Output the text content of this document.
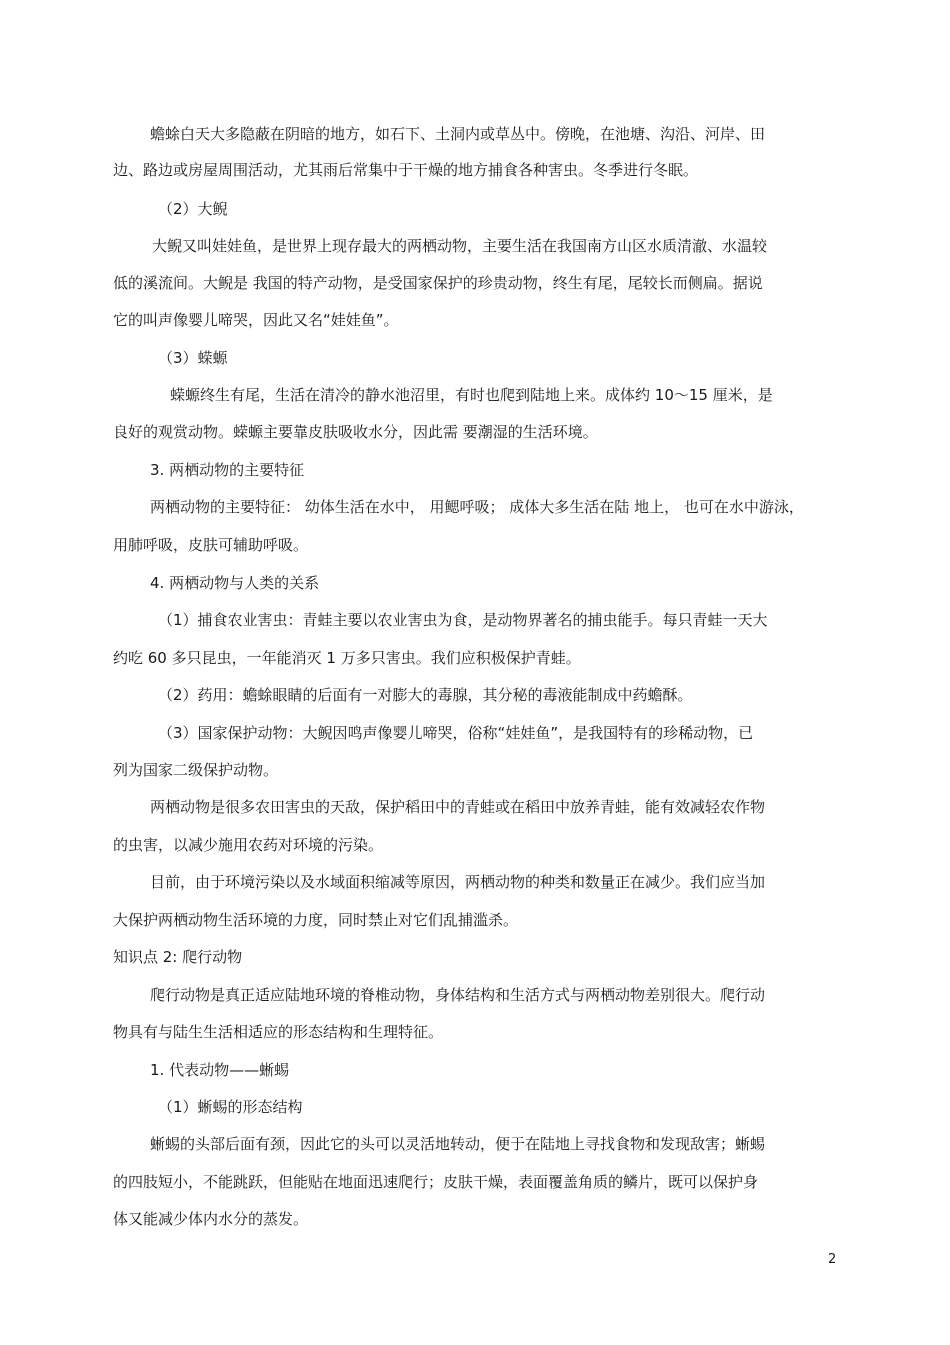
蟾蜍白天大多隐蔽在阴暗的地方，如石下、土洞内或草丛中。傍晚，在池塘、沟沿、河岸、田

边、路边或房屋周围活动，尤其雨后常集中于干燥的地方捕食各种害虫。冬季进行冬眠。

（2）大鲵

大鲵又叫娃娃鱼，是世界上现存最大的两栖动物，主要生活在我国南方山区水质清澈、水温较

低的溪流间。大鲵是 我国的特产动物，是受国家保护的珍贵动物，终生有尾，尾较长而侧扁。据说

它的叫声像婴儿啼哭，因此又名“娃娃鱼”。

（3）蝾螈

蝾螈终生有尾，生活在清冷的静水池沼里，有时也爬到陆地上来。成体约 10～15 厘米，是

良好的观赏动物。蝾螈主要靠皮肤吸收水分，因此需 要潮湿的生活环境。

3. 两栖动物的主要特征

两栖动物的主要特征： 幼体生活在水中， 用鳃呼吸； 成体大多生活在陆 地上， 也可在水中游泳，

用肺呼吸，皮肤可辅助呼吸。

4. 两栖动物与人类的关系

（1）捕食农业害虫：青蛙主要以农业害虫为食，是动物界著名的捕虫能手。每只青蛙一天大

约吃 60 多只昆虫，一年能消灭 1 万多只害虫。我们应积极保护青蛙。

（2）药用：蟾蜍眼睛的后面有一对膨大的毒腺，其分秘的毒液能制成中药蟾酥。

（3）国家保护动物：大鲵因鸣声像婴儿啼哭，俗称“娃娃鱼”，是我国特有的珍稀动物，已

列为国家二级保护动物。

两栖动物是很多农田害虫的天敌，保护稻田中的青蛙或在稻田中放养青蛙，能有效减轻农作物

的虫害，以减少施用农药对环境的污染。

目前，由于环境污染以及水域面积缩减等原因，两栖动物的种类和数量正在减少。我们应当加

大保护两栖动物生活环境的力度，同时禁止对它们乱捕滥杀。

知识点 2: 爬行动物

爬行动物是真正适应陆地环境的脊椎动物，身体结构和生活方式与两栖动物差别很大。爬行动

物具有与陆生生活相适应的形态结构和生理特征。

1. 代表动物——蜥蜴

（1）蜥蜴的形态结构

蜥蜴的头部后面有颈，因此它的头可以灵活地转动，便于在陆地上寻找食物和发现敌害；蜥蜴

的四肢短小，不能跳跃，但能贴在地面迅速爬行；皮肤干燥，表面覆盖角质的鳞片，既可以保护身

体又能减少体内水分的蒸发。

2
